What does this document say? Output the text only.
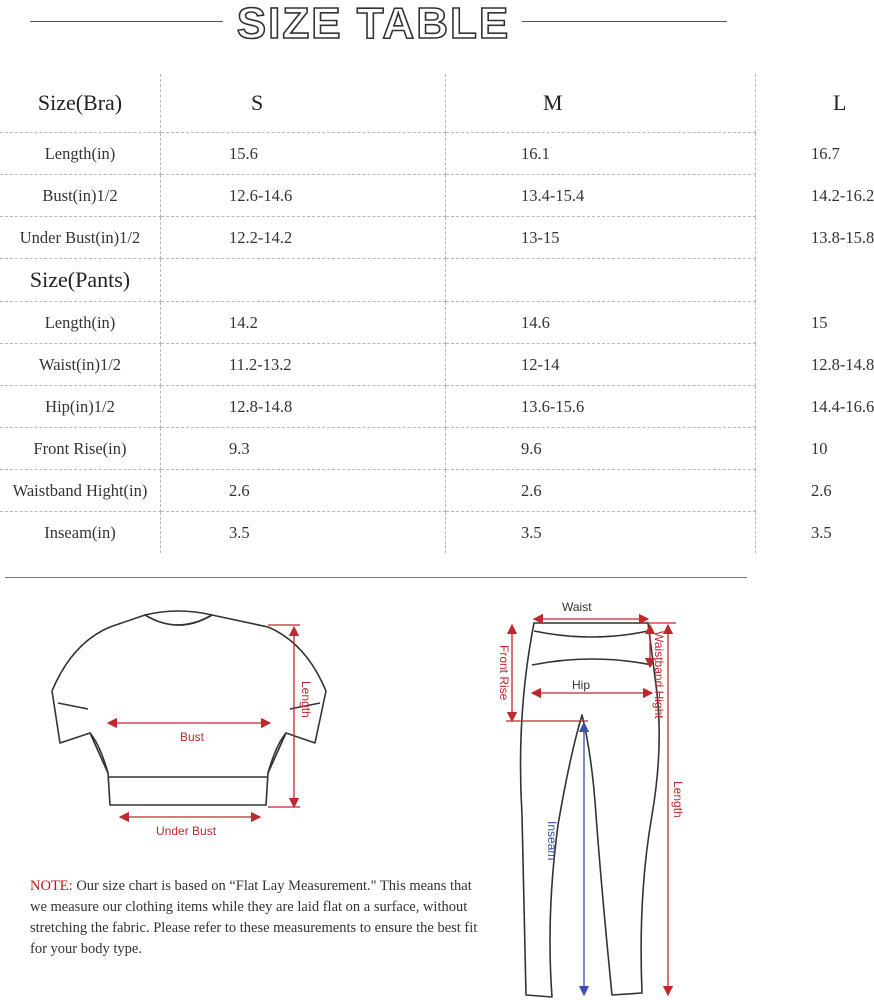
SIZE TABLE
Size(Bra)	S	M	L
Length(in)	15.6	16.1	16.7
Bust(in)1/2	12.6-14.6	13.4-15.4	14.2-16.2
Under Bust(in)1/2	12.2-14.2	13-15	13.8-15.8
Size(Pants)			
Length(in)	14.2	14.6	15
Waist(in)1/2	11.2-13.2	12-14	12.8-14.8
Hip(in)1/2	12.8-14.8	13.6-15.6	14.4-16.6
Front Rise(in)	9.3	9.6	10
Waistband Hight(in)	2.6	2.6	2.6
Inseam(in)	3.5	3.5	3.5
Bust
Under Bust
Length
Waist
Hip
Front Rise	Waistband Hight
Length
Inseam
NOTE: Our size chart is based on “Flat Lay Measurement." This means that we measure our clothing items while they are laid flat on a surface, without stretching the fabric. Please refer to these measurements to ensure the best fit for your body type.
